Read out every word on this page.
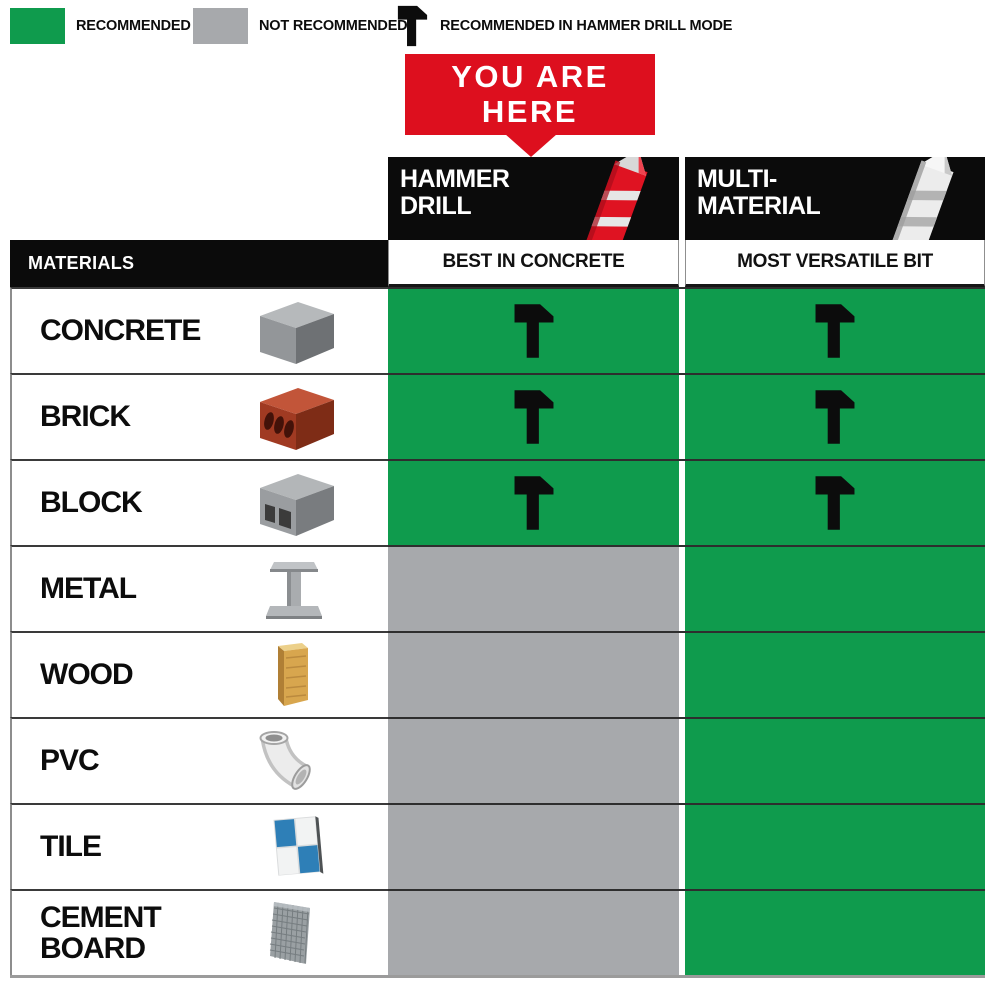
RECOMMENDED	NOT RECOMMENDED RECOMMENDED IN HAMMER DRILL MODE
YOU ARE
HERE
HAMMER
DRILL
MULTI-
MATERIAL
MATERIALS	BEST IN CONCRETE	MOST VERSATILE BIT
CONCRETE
BRICK
BLOCK
METAL
WOOD
PVC
TILE
CEMENT BOARD
